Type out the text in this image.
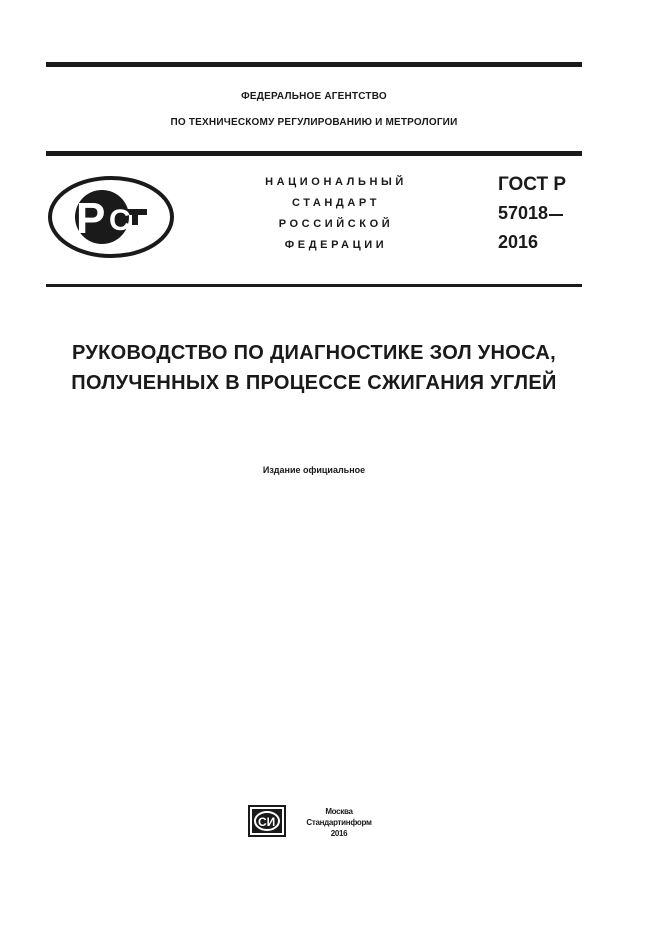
ФЕДЕРАЛЬНОЕ АГЕНТСТВО
ПО ТЕХНИЧЕСКОМУ РЕГУЛИРОВАНИЮ И МЕТРОЛОГИИ
Р С
НАЦИОНАЛЬНЫЙ
СТАНДАРТ
РОССИЙСКОЙ
ФЕДЕРАЦИИ
ГОСТ Р
57018
2016
РУКОВОДСТВО ПО ДИАГНОСТИКЕ ЗОЛ УНОСА,
ПОЛУЧЕННЫХ В ПРОЦЕССЕ СЖИГАНИЯ УГЛЕЙ
Издание официальное
СИ
Москва
Стандартинформ
2016
